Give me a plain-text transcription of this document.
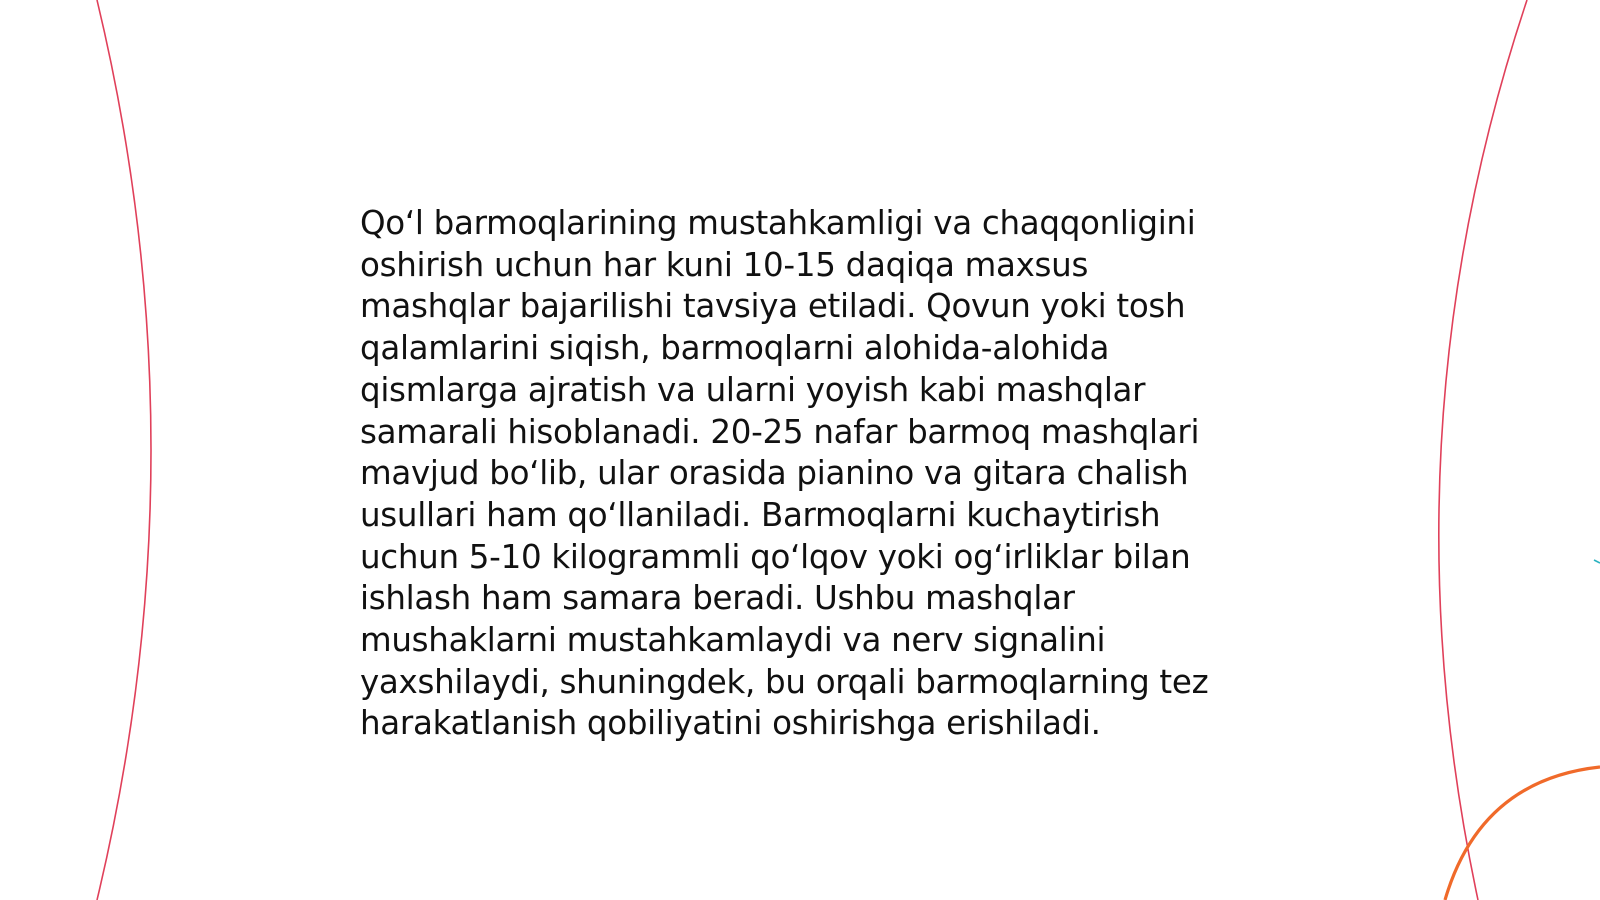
Qo‘l barmoqlarining mustahkamligi va chaqqonligini
oshirish uchun har kuni 10-15 daqiqa maxsus
mashqlar bajarilishi tavsiya etiladi. Qovun yoki tosh
qalamlarini siqish, barmoqlarni alohida-alohida
qismlarga ajratish va ularni yoyish kabi mashqlar
samarali hisoblanadi. 20-25 nafar barmoq mashqlari
mavjud bo‘lib, ular orasida pianino va gitara chalish
usullari ham qo‘llaniladi. Barmoqlarni kuchaytirish
uchun 5-10 kilogrammli qo‘lqov yoki og‘irliklar bilan
ishlash ham samara beradi. Ushbu mashqlar
mushaklarni mustahkamlaydi va nerv signalini
yaxshilaydi, shuningdek, bu orqali barmoqlarning tez
harakatlanish qobiliyatini oshirishga erishiladi.
